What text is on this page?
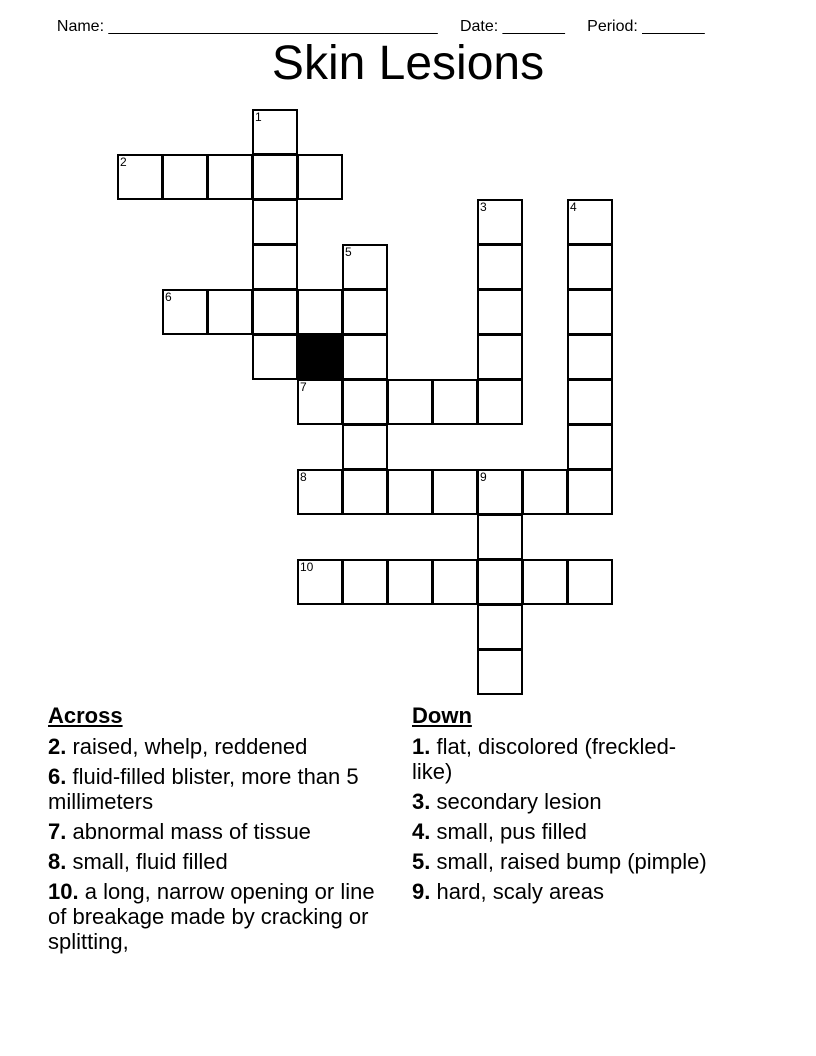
Name: _____________________________________ Date: _______ Period: _______

Skin Lesions
1
2
3	4
5
6
7
8	9
10
Across

2. raised, whelp, reddened

6. fluid-filled blister, more than 5 millimeters

7. abnormal mass of tissue

8. small, fluid filled

10. a long, narrow opening or line of breakage made by cracking or splitting,

Down

1. flat, discolored (freckled-like)

3. secondary lesion

4. small, pus filled

5. small, raised bump (pimple)

9. hard, scaly areas
